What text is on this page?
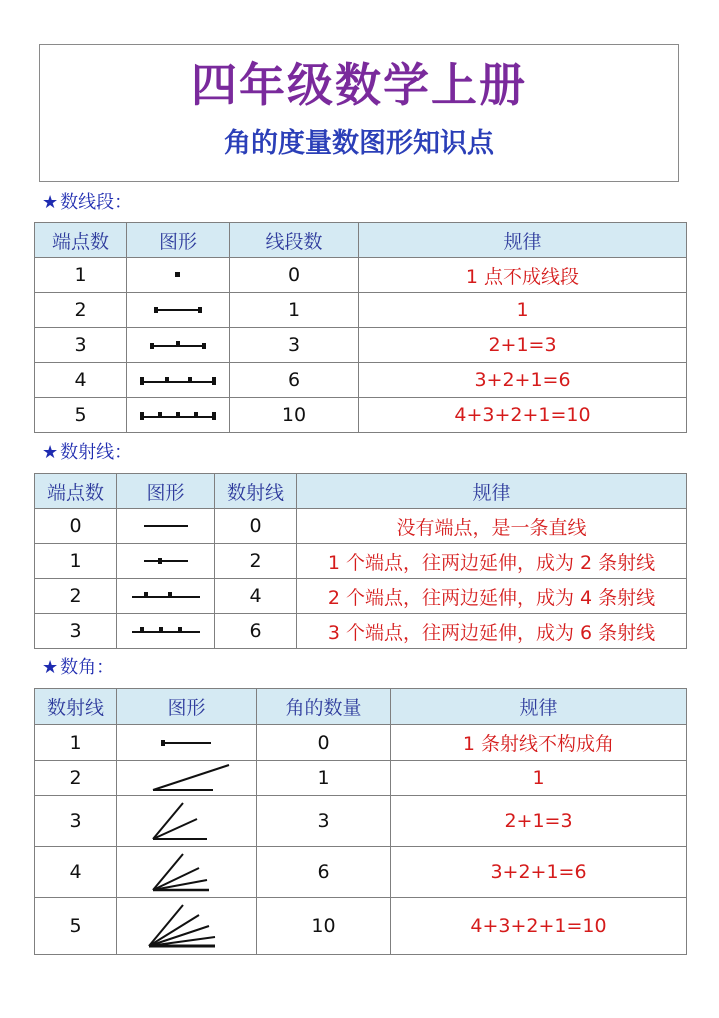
四年级数学上册
角的度量数图形知识点
★ 数线段：
端点数	图形	线段数	规律
1		0	1 点不成线段
2		1	1
3		3	2+1=3
4		6	3+2+1=6
5		10	4+3+2+1=10
★ 数射线：
端点数	图形	数射线	规律
0		0	没有端点，是一条直线
1		2	1 个端点，往两边延伸，成为 2 条射线
2		4	2 个端点，往两边延伸，成为 4 条射线
3		6	3 个端点，往两边延伸，成为 6 条射线
★ 数角：
数射线	图形	角的数量	规律
1		0	1 条射线不构成角
2		1	1
3		3	2+1=3
4		6	3+2+1=6
5		10	4+3+2+1=10
